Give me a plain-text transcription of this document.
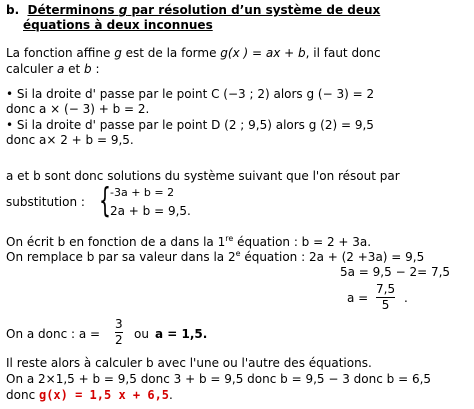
b. Déterminons g par résolution d’un système de deux
équations à deux inconnues
La fonction affine g est de la forme g(x ) = ax + b, il faut donc
calculer a et b :
• Si la droite d' passe par le point C (−3 ; 2) alors g (− 3) = 2
donc a × (− 3) + b = 2.
• Si la droite d' passe par le point D (2 ; 9,5) alors g (2) = 9,5
donc a× 2 + b = 9,5.
a et b sont donc solutions du système suivant que l'on résout par
substitution : { -3a + b = 2
2a + b = 9,5.
On écrit b en fonction de a dans la 1re équation : b = 2 + 3a.
On remplace b par sa valeur dans la 2e équation : 2a + (2 +3a) = 9,5
5a = 9,5 − 2= 7,5
a =
7,5
5 .
On a donc : a =
3
2 ou a = 1,5.
Il reste alors à calculer b avec l'une ou l'autre des équations.
On a 2×1,5 + b = 9,5 donc 3 + b = 9,5 donc b = 9,5 − 3 donc b = 6,5
donc g(x) = 1,5 x + 6,5.
